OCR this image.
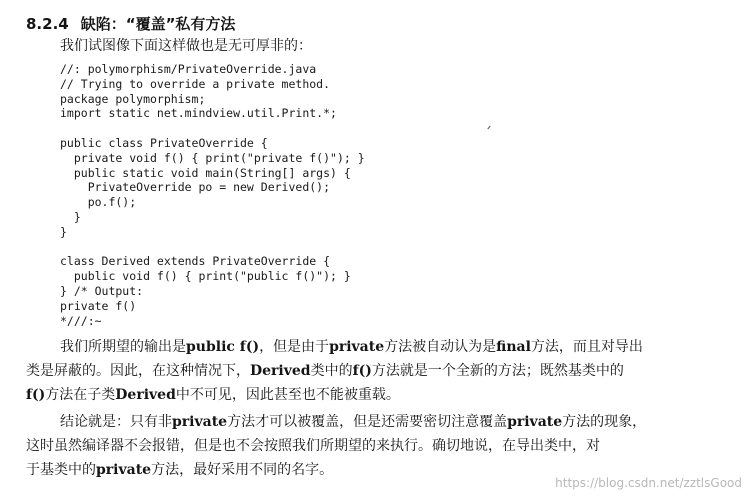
8.2.4 缺陷：“覆盖”私有方法

我们试图像下面这样做也是无可厚非的：

//: polymorphism/PrivateOverride.java
// Trying to override a private method.
package polymorphism;
import static net.mindview.util.Print.*;
public class PrivateOverride {
private void f() { print("private f()"); }
public static void main(String[] args) {
PrivateOverride po = new Derived();
po.f();
}
}
class Derived extends PrivateOverride {
public void f() { print("public f()"); }
} /* Output:
private f()
*///:~

我们所期望的输出是public f()，但是由于private方法被自动认为是final方法，而且对导出

类是屏蔽的。因此，在这种情况下，Derived类中的f()方法就是一个全新的方法；既然基类中的

f()方法在子类Derived中不可见，因此甚至也不能被重载。

结论就是：只有非private方法才可以被覆盖，但是还需要密切注意覆盖private方法的现象，

这时虽然编译器不会报错，但是也不会按照我们所期望的来执行。确切地说，在导出类中，对

于基类中的private方法，最好采用不同的名字。

https://blog.csdn.net/zztlsGood
